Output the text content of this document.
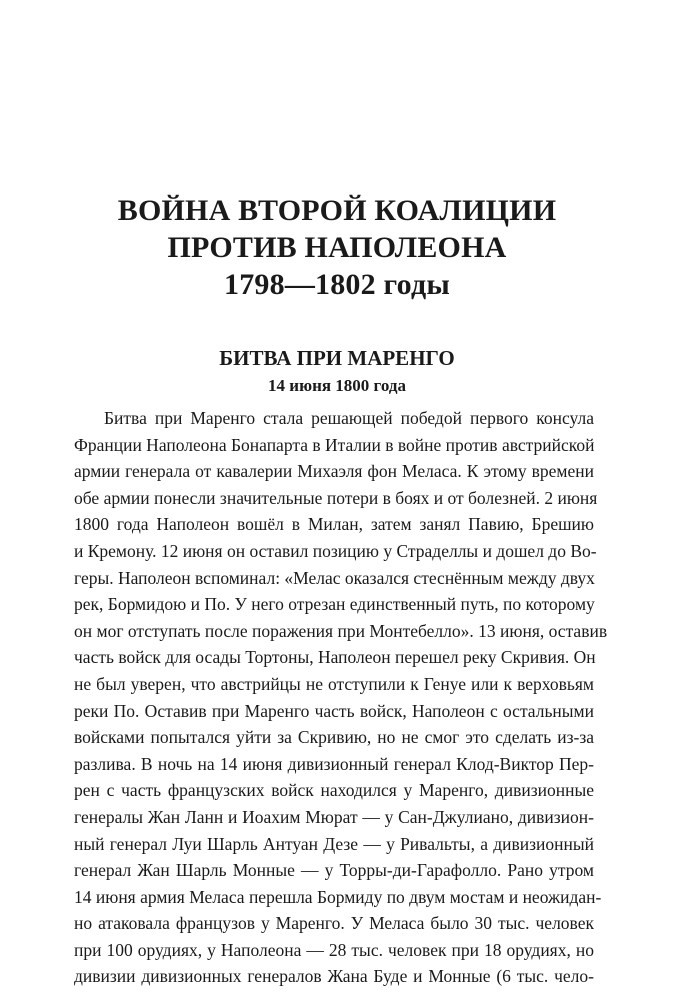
ВОЙНА ВТОРОЙ КОАЛИЦИИ
ПРОТИВ НАПОЛЕОНА
1798—1802 годы
БИТВА ПРИ МАРЕНГО
14 июня 1800 года
Битва при Маренго стала решающей победой первого консула
Франции Наполеона Бонапарта в Италии в войне против австрийской
армии генерала от кавалерии Михаэля фон Меласа. К этому времени
обе армии понесли значительные потери в боях и от болезней. 2 июня
1800 года Наполеон вошёл в Милан, затем занял Павию, Брешию
и Кремону. 12 июня он оставил позицию у Страделлы и дошел до Во-
геры. Наполеон вспоминал: «Мелас оказался стеснённым между двух
рек, Бормидою и По. У него отрезан единственный путь, по которому
он мог отступать после поражения при Монтебелло». 13 июня, оставив
часть войск для осады Тортоны, Наполеон перешел реку Скривия. Он
не был уверен, что австрийцы не отступили к Генуе или к верховьям
реки По. Оставив при Маренго часть войск, Наполеон с остальными
войсками попытался уйти за Скривию, но не смог это сделать из-за
разлива. В ночь на 14 июня дивизионный генерал Клод-Виктор Пер-
рен с часть французских войск находился у Маренго, дивизионные
генералы Жан Ланн и Иоахим Мюрат — у Сан-Джулиано, дивизион-
ный генерал Луи Шарль Антуан Дезе — у Ривальты, а дивизионный
генерал Жан Шарль Монные — у Торры-ди-Гарафолло. Рано утром
14 июня армия Меласа перешла Бормиду по двум мостам и неожидан-
но атаковала французов у Маренго. У Меласа было 30 тыс. человек
при 100 орудиях, у Наполеона — 28 тыс. человек при 18 орудиях, но
дивизии дивизионных генералов Жана Буде и Монные (6 тыс. чело-
